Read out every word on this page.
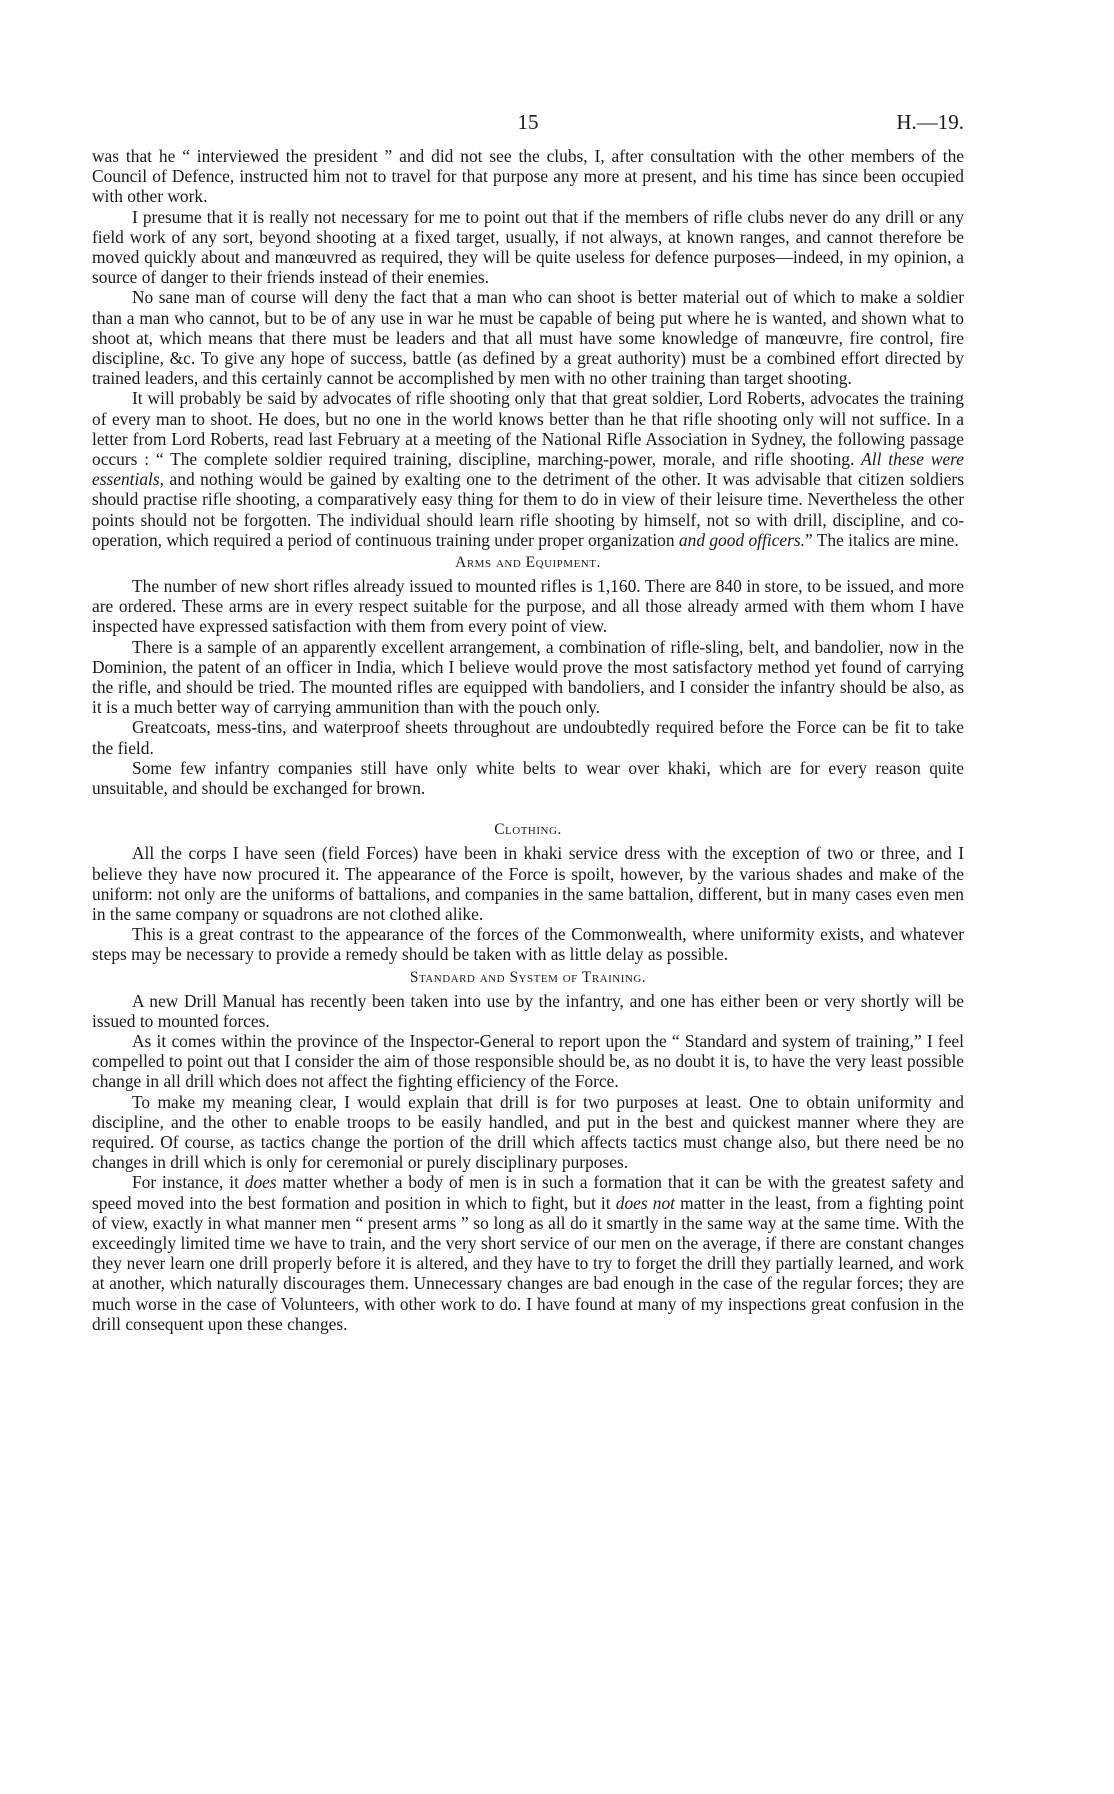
15	H.—19.

was that he “ interviewed the president ” and did not see the clubs, I, after consultation with the other members of the Council of Defence, instructed him not to travel for that purpose any more at present, and his time has since been occupied with other work.

I presume that it is really not necessary for me to point out that if the members of rifle clubs never do any drill or any field work of any sort, beyond shooting at a fixed target, usually, if not always, at known ranges, and cannot therefore be moved quickly about and manœuvred as required, they will be quite useless for defence purposes—indeed, in my opinion, a source of danger to their friends instead of their enemies.

No sane man of course will deny the fact that a man who can shoot is better material out of which to make a soldier than a man who cannot, but to be of any use in war he must be capable of being put where he is wanted, and shown what to shoot at, which means that there must be leaders and that all must have some knowledge of manœuvre, fire control, fire discipline, &c. To give any hope of success, battle (as defined by a great authority) must be a combined effort directed by trained leaders, and this certainly cannot be accomplished by men with no other training than target shooting.

It will probably be said by advocates of rifle shooting only that that great soldier, Lord Roberts, advocates the training of every man to shoot. He does, but no one in the world knows better than he that rifle shooting only will not suffice. In a letter from Lord Roberts, read last February at a meeting of the National Rifle Association in Sydney, the following passage occurs : “ The complete soldier required training, discipline, marching-power, morale, and rifle shooting. All these were essentials, and nothing would be gained by exalting one to the detriment of the other. It was advisable that citizen soldiers should practise rifle shooting, a comparatively easy thing for them to do in view of their leisure time. Nevertheless the other points should not be forgotten. The individual should learn rifle shooting by himself, not so with drill, discipline, and co-operation, which required a period of continuous training under proper organization and good officers.” The italics are mine.

Arms and Equipment.

The number of new short rifles already issued to mounted rifles is 1,160. There are 840 in store, to be issued, and more are ordered. These arms are in every respect suitable for the purpose, and all those already armed with them whom I have inspected have expressed satisfaction with them from every point of view.

There is a sample of an apparently excellent arrangement, a combination of rifle-sling, belt, and bandolier, now in the Dominion, the patent of an officer in India, which I believe would prove the most satisfactory method yet found of carrying the rifle, and should be tried. The mounted rifles are equipped with bandoliers, and I consider the infantry should be also, as it is a much better way of carrying ammunition than with the pouch only.

Greatcoats, mess-tins, and waterproof sheets throughout are undoubtedly required before the Force can be fit to take the field.

Some few infantry companies still have only white belts to wear over khaki, which are for every reason quite unsuitable, and should be exchanged for brown.

Clothing.

All the corps I have seen (field Forces) have been in khaki service dress with the exception of two or three, and I believe they have now procured it. The appearance of the Force is spoilt, however, by the various shades and make of the uniform: not only are the uniforms of battalions, and companies in the same battalion, different, but in many cases even men in the same company or squadrons are not clothed alike.

This is a great contrast to the appearance of the forces of the Commonwealth, where uniformity exists, and whatever steps may be necessary to provide a remedy should be taken with as little delay as possible.

Standard and System of Training.

A new Drill Manual has recently been taken into use by the infantry, and one has either been or very shortly will be issued to mounted forces.

As it comes within the province of the Inspector-General to report upon the “ Standard and system of training,” I feel compelled to point out that I consider the aim of those responsible should be, as no doubt it is, to have the very least possible change in all drill which does not affect the fighting efficiency of the Force.

To make my meaning clear, I would explain that drill is for two purposes at least. One to obtain uniformity and discipline, and the other to enable troops to be easily handled, and put in the best and quickest manner where they are required. Of course, as tactics change the portion of the drill which affects tactics must change also, but there need be no changes in drill which is only for ceremonial or purely disciplinary purposes.

For instance, it does matter whether a body of men is in such a formation that it can be with the greatest safety and speed moved into the best formation and position in which to fight, but it does not matter in the least, from a fighting point of view, exactly in what manner men “ present arms ” so long as all do it smartly in the same way at the same time. With the exceedingly limited time we have to train, and the very short service of our men on the average, if there are constant changes they never learn one drill properly before it is altered, and they have to try to forget the drill they partially learned, and work at another, which naturally discourages them. Unnecessary changes are bad enough in the case of the regular forces; they are much worse in the case of Volunteers, with other work to do. I have found at many of my inspections great confusion in the drill consequent upon these changes.
